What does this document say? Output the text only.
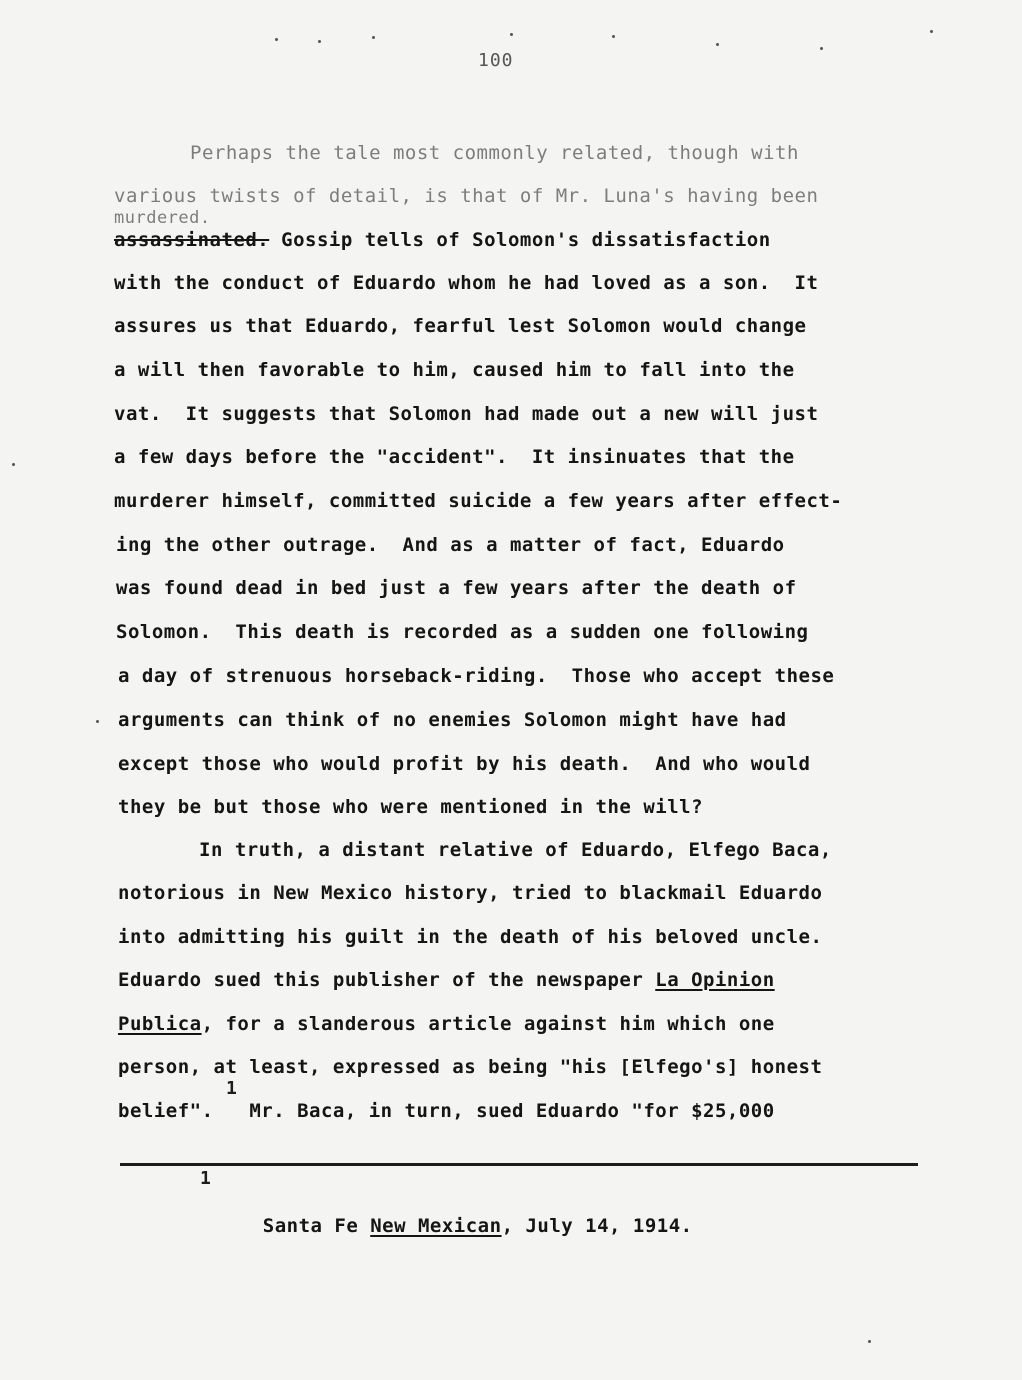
100
Perhaps the tale most commonly related, though with
various twists of detail, is that of Mr. Luna's having been
murdered.
assassinated. Gossip tells of Solomon's dissatisfaction
with the conduct of Eduardo whom he had loved as a son.  It
assures us that Eduardo, fearful lest Solomon would change
a will then favorable to him, caused him to fall into the
vat.  It suggests that Solomon had made out a new will just
a few days before the "accident".  It insinuates that the
murderer himself, committed suicide a few years after effect-
ing the other outrage.  And as a matter of fact, Eduardo
was found dead in bed just a few years after the death of
Solomon.  This death is recorded as a sudden one following
a day of strenuous horseback-riding.  Those who accept these
arguments can think of no enemies Solomon might have had
except those who would profit by his death.  And who would
they be but those who were mentioned in the will?
In truth, a distant relative of Eduardo, Elfego Baca,
notorious in New Mexico history, tried to blackmail Eduardo
into admitting his guilt in the death of his beloved uncle.
Eduardo sued this publisher of the newspaper La Opinion
Publica, for a slanderous article against him which one
person, at least, expressed as being "his [Elfego's] honest
belief".   Mr. Baca, in turn, sued Eduardo "for $25,000
1
1

Santa Fe New Mexican, July 14, 1914.
